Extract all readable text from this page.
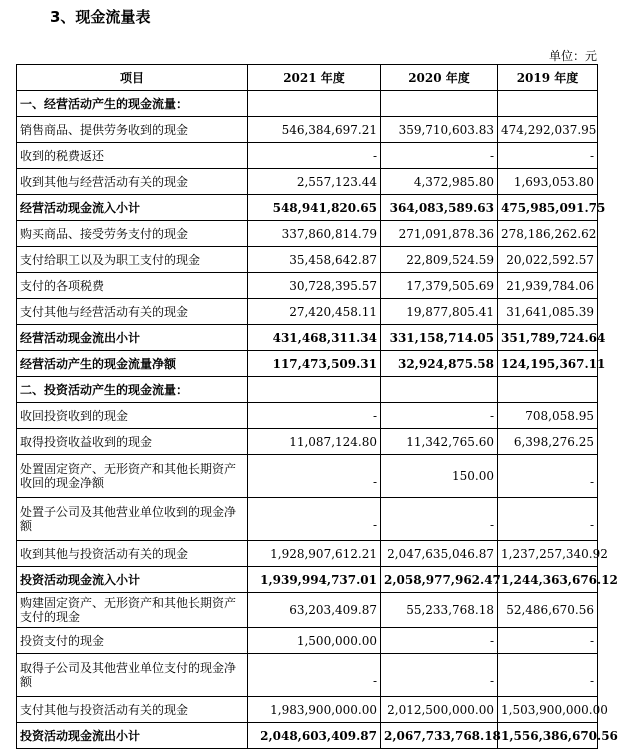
3、现金流量表
单位：元
项目	2021 年度	2020 年度	2019 年度
一、经营活动产生的现金流量：			
销售商品、提供劳务收到的现金	546,384,697.21	359,710,603.83	474,292,037.95
收到的税费返还	-	-	-
收到其他与经营活动有关的现金	2,557,123.44	4,372,985.80	1,693,053.80
经营活动现金流入小计	548,941,820.65	364,083,589.63	475,985,091.75
购买商品、接受劳务支付的现金	337,860,814.79	271,091,878.36	278,186,262.62
支付给职工以及为职工支付的现金	35,458,642.87	22,809,524.59	20,022,592.57
支付的各项税费	30,728,395.57	17,379,505.69	21,939,784.06
支付其他与经营活动有关的现金	27,420,458.11	19,877,805.41	31,641,085.39
经营活动现金流出小计	431,468,311.34	331,158,714.05	351,789,724.64
经营活动产生的现金流量净额	117,473,509.31	32,924,875.58	124,195,367.11
二、投资活动产生的现金流量：			
收回投资收到的现金	-	-	708,058.95
取得投资收益收到的现金	11,087,124.80	11,342,765.60	6,398,276.25
处置固定资产、无形资产和其他长期资产收回的现金净额	-	150.00	-
处置子公司及其他营业单位收到的现金净额	-	-	-
收到其他与投资活动有关的现金	1,928,907,612.21	2,047,635,046.87	1,237,257,340.92
投资活动现金流入小计	1,939,994,737.01	2,058,977,962.47	1,244,363,676.12
购建固定资产、无形资产和其他长期资产支付的现金	63,203,409.87	55,233,768.18	52,486,670.56
投资支付的现金	1,500,000.00	-	-
取得子公司及其他营业单位支付的现金净额	-	-	-
支付其他与投资活动有关的现金	1,983,900,000.00	2,012,500,000.00	1,503,900,000.00
投资活动现金流出小计	2,048,603,409.87	2,067,733,768.18	1,556,386,670.56
